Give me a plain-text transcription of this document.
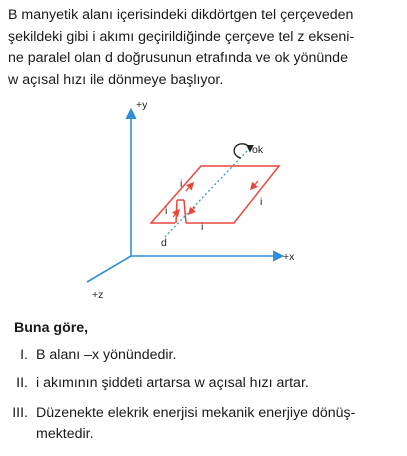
B manyetik alanı içerisindeki dikdörtgen tel çerçeveden
şekildeki gibi i akımı geçirildiğinde çerçeve tel z ekseni-
ne paralel olan d doğrusunun etrafında ve ok yönünde
w açısal hızı ile dönmeye başlıyor.
+y
+x
+z
i
i
i
i
d
ok
Buna göre,
I. B alanı –x yönündedir.
II. i akımının şiddeti artarsa w açısal hızı artar.
III. Düzenekte elekrik enerjisi mekanik enerjiye dönüş-
mektedir.
